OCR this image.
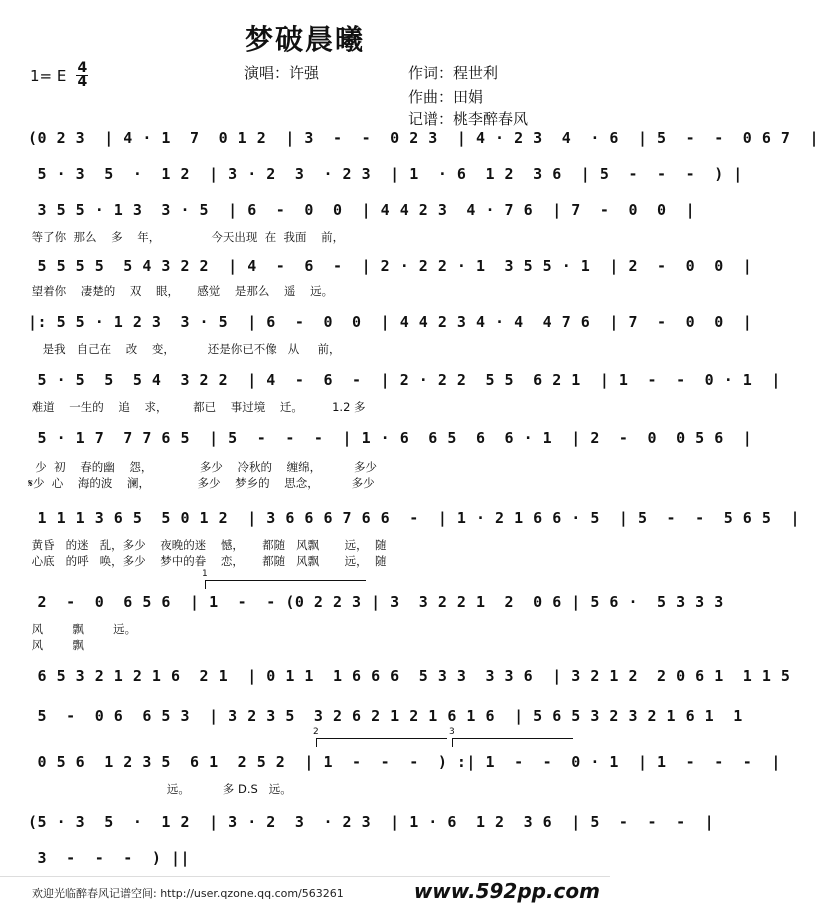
梦破晨曦
1= E $\frac{4}{4}$	演唱：许强	作词：程世利
作曲：田娟
记谱：桃李醉春风
(0 2 3  | 4 · 1  7  0 1 2  | 3  -  -  0 2 3  | 4 · 2 3  4  · 6  | 5  -  -  0 6 7  |
5 · 3  5  ·  1 2  | 3 · 2  3  · 2 3  | 1  · 6  1 2  3 6  | 5  -  -  -  ) |
3 5 5 · 1 3  3 · 5  | 6  -  0  0  | 4 4 2 3  4 · 7 6  | 7  -  0  0  |
等了你  那么    多    年，              今天出现  在  我面    前，
5 5 5 5  5 4 3 2 2  | 4  -  6  -  | 2 · 2 2 · 1  3 5 5 · 1  | 2  -  0  0  |
望着你    凄楚的    双    眼，     感觉    是那么    遥    远。
|: 5 5 · 1 2 3  3 · 5  | 6  -  0  0  | 4 4 2 3 4 · 4  4 7 6  | 7  -  0  0  |
是我   自己在    改    变，         还是你已不像   从     前，
5 · 5  5  5 4  3 2 2  | 4  -  6  -  | 2 · 2 2  5 5  6 2 1  | 1  -  -  0 · 1  |
难道    一生的    追    求，       都已    事过境    迁。        1.2 多
5 · 1 7  7 7 6 5  | 5  -  -  -  | 1 · 6  6 5  6  6 · 1  | 2  -  0  0 5 6  |
少  初    春的幽    怨，             多少    冷秋的    缠绵，         多少
𝄋少  心    海的波    澜，             多少    梦乡的    思念，         多少
1 1 1 3 6 5  5 0 1 2  | 3 6 6 6 7 6 6  -  | 1 · 2 1 6 6 · 5  | 5  -  -  5 6 5  |
黄昏   的迷   乱，多少    夜晚的迷    憾，     都随   风飘       远，  随
心底   的呼   唤，多少    梦中的眷    恋，     都随   风飘       远，  随
1
2  -  0  6 5 6  | 1  -  - (0 2 2 3 | 3  3 2 2 1  2  0 6 | 5 6 ·  5 3 3 3
风        飘        远。
风        飘
6 5 3 2 1 2 1 6  2 1  | 0 1 1  1 6 6 6  5 3 3  3 3 6  | 3 2 1 2  2 0 6 1  1 1 5
5  -  0 6  6 5 3  | 3 2 3 5  3 2 6 2 1 2 1 6 1 6  | 5 6 5 3 2 3 2 1 6 1  1
2	3
0 5 6  1 2 3 5  6 1  2 5 2  | 1  -  -  -  ) :| 1  -  -  0 · 1  | 1  -  -  -  |
远。         多 D.S   远。
(5 · 3  5  ·  1 2  | 3 · 2  3  · 2 3  | 1 · 6  1 2  3 6  | 5  -  -  -  |
3  -  -  -  ) ||
欢迎光临醉春风记谱空间: http://user.qzone.qq.com/563261	www.592pp.com
